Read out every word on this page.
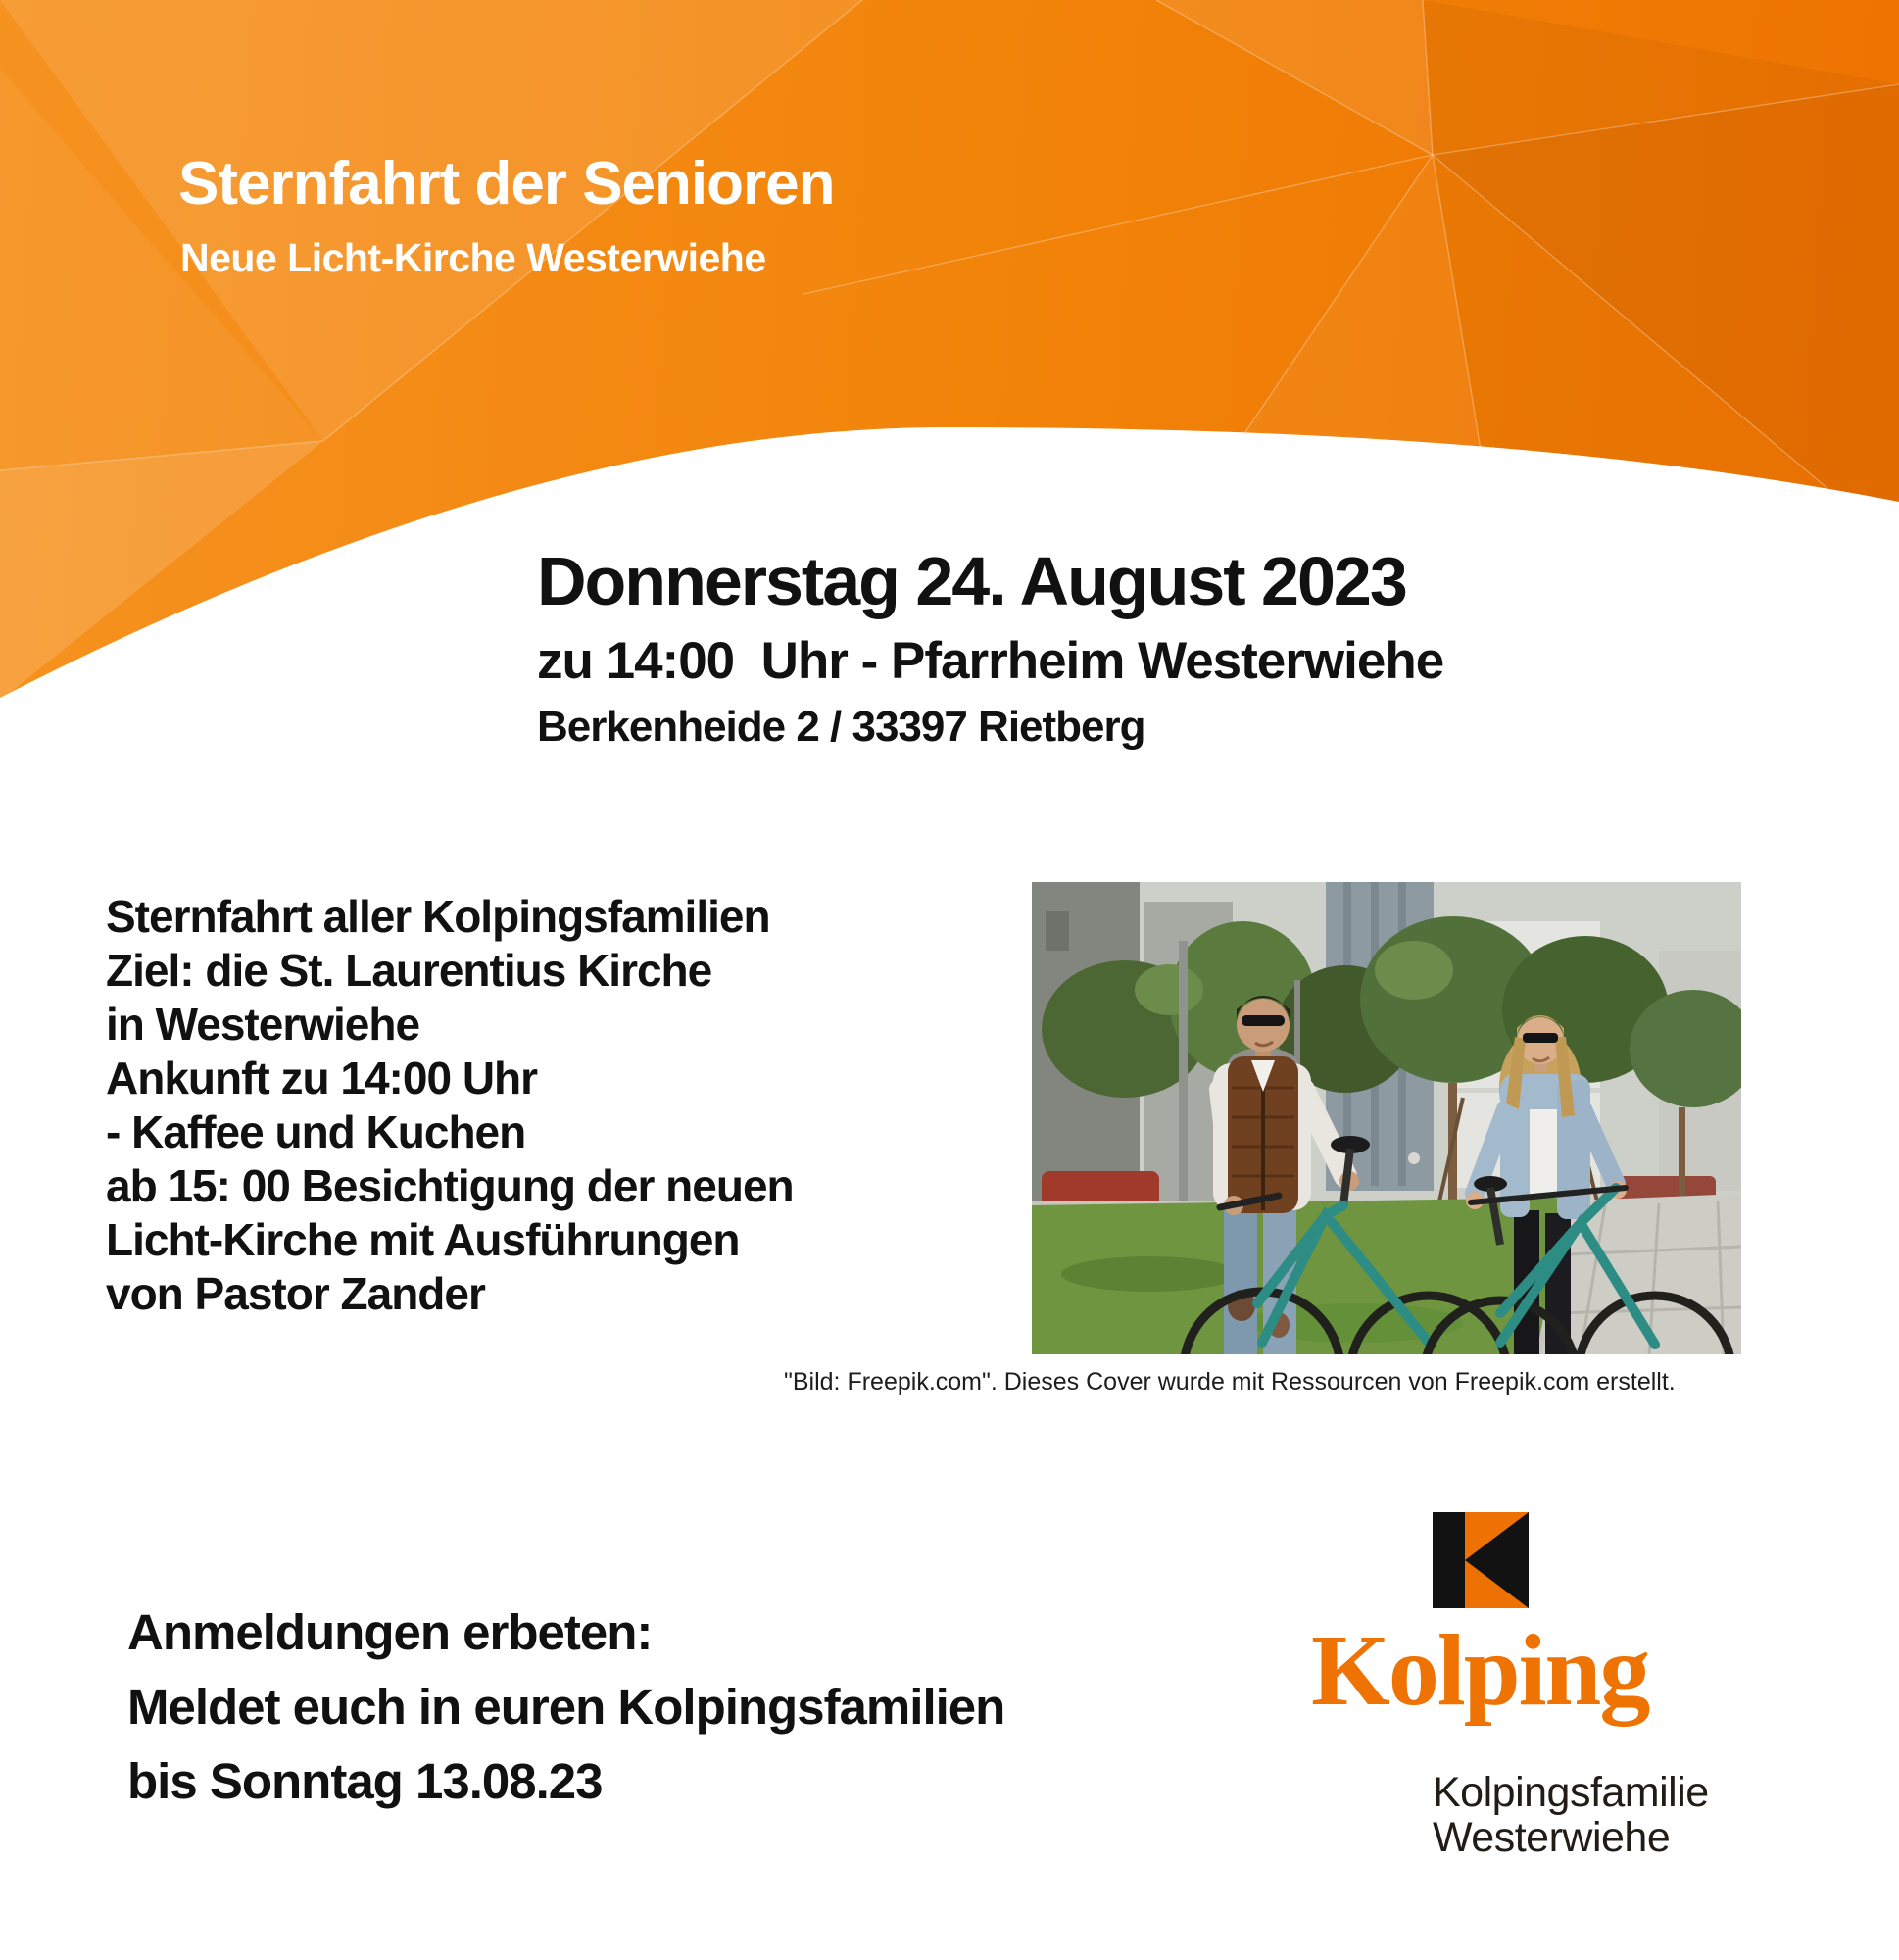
Sternfahrt der Senioren
Neue Licht-Kirche Westerwiehe
Donnerstag 24. August 2023
zu 14:00  Uhr - Pfarrheim Westerwiehe
Berkenheide 2 / 33397 Rietberg
Sternfahrt aller Kolpingsfamilien
Ziel: die St. Laurentius Kirche
in Westerwiehe
Ankunft zu 14:00 Uhr
- Kaffee und Kuchen
ab 15: 00 Besichtigung der neuen
Licht-Kirche mit Ausführungen
von Pastor Zander
"Bild: Freepik.com". Dieses Cover wurde mit Ressourcen von Freepik.com erstellt.
Anmeldungen erbeten:
Meldet euch in euren Kolpingsfamilien
bis Sonntag 13.08.23
Kolping
Kolpingsfamilie
Westerwiehe
